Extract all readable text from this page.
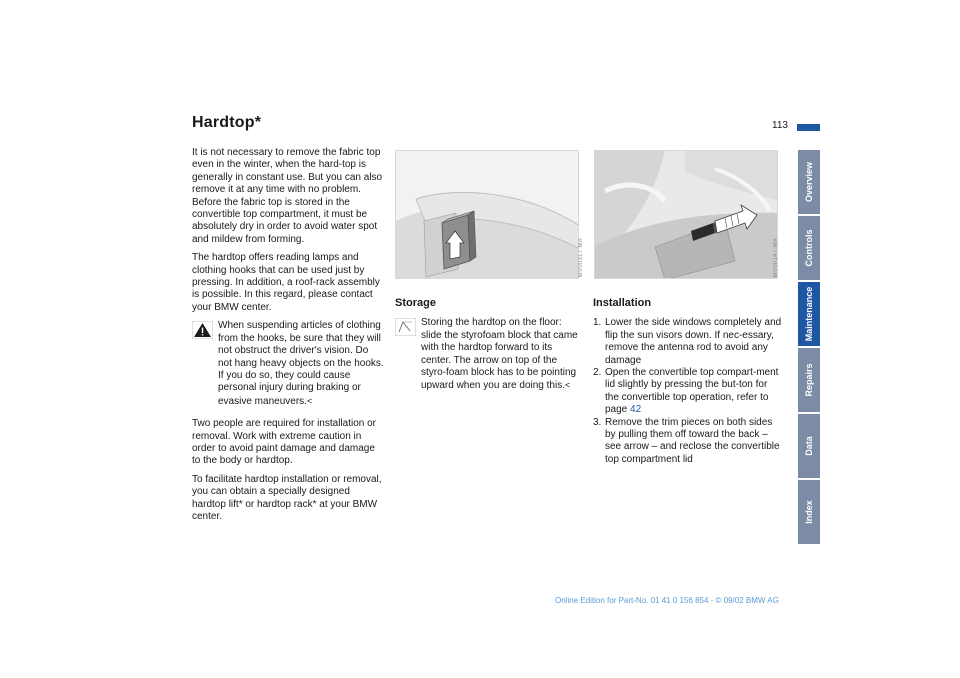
Hardtop*	113

It is not necessary to remove the fabric top even in the winter, when the hard-top is generally in constant use. But you can also remove it at any time with no problem. Before the fabric top is stored in the convertible top compartment, it must be absolutely dry in order to avoid water spot and mildew from forming.

The hardtop offers reading lamps and clothing hooks that can be used just by pressing. In addition, a roof-rack assembly is possible. In this regard, please contact your BMW center.

When suspending articles of clothing from the hooks, be sure that they will not obstruct the driver's vision. Do not hang heavy objects on the hooks. If you do so, they could cause personal injury during braking or evasive maneuvers.<

Two people are required for installation or removal. Work with extreme caution in order to avoid paint damage and damage to the body or hardtop.

To facilitate hardtop installation or removal, you can obtain a specially designed hardtop lift* or hardtop rack* at your BMW center.

MV00317 MA	MV00147 MA
Storage

Storing the hardtop on the floor: slide the styrofoam block that came with the hardtop forward to its center. The arrow on top of the styro-foam block has to be pointing upward when you are doing this.<

Installation
1. Lower the side windows completely and flip the sun visors down. If nec-essary, remove the antenna rod to avoid any damage
2. Open the convertible top compart-ment lid slightly by pressing the but-ton for the convertible top operation, refer to page 42
3. Remove the trim pieces on both sides by pulling them off toward the back – see arrow – and reclose the convertible top compartment lid
Overview
Controls
Maintenance
Repairs
Data
Index
Online Edition for Part-No. 01 41 0 156 854 - © 09/02 BMW AG
